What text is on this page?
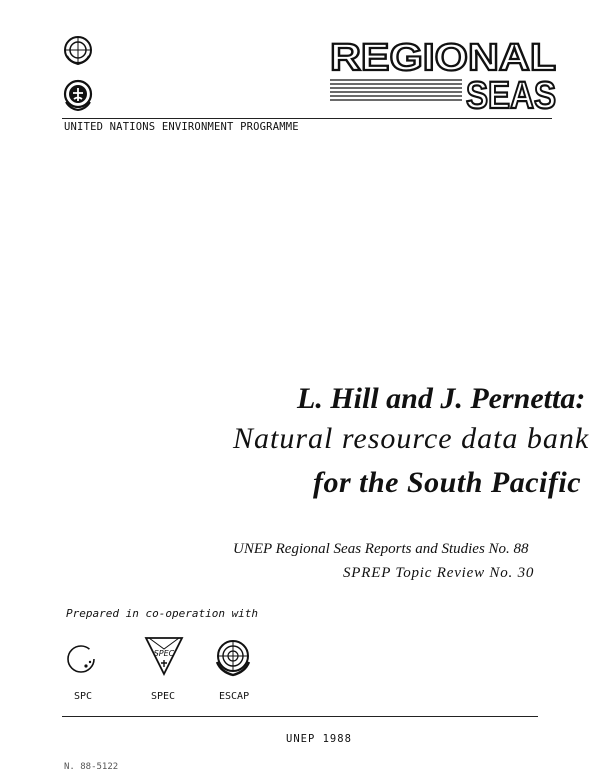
REGIONAL
SEAS
UNITED NATIONS ENVIRONMENT PROGRAMME
L. Hill and J. Pernetta:
Natural resource data bank
for the South Pacific
UNEP Regional Seas Reports and Studies No. 88
SPREP Topic Review No. 30
Prepared in co-operation with
SPEC
SPC	SPEC	ESCAP
UNEP 1988
N. 88-5122
